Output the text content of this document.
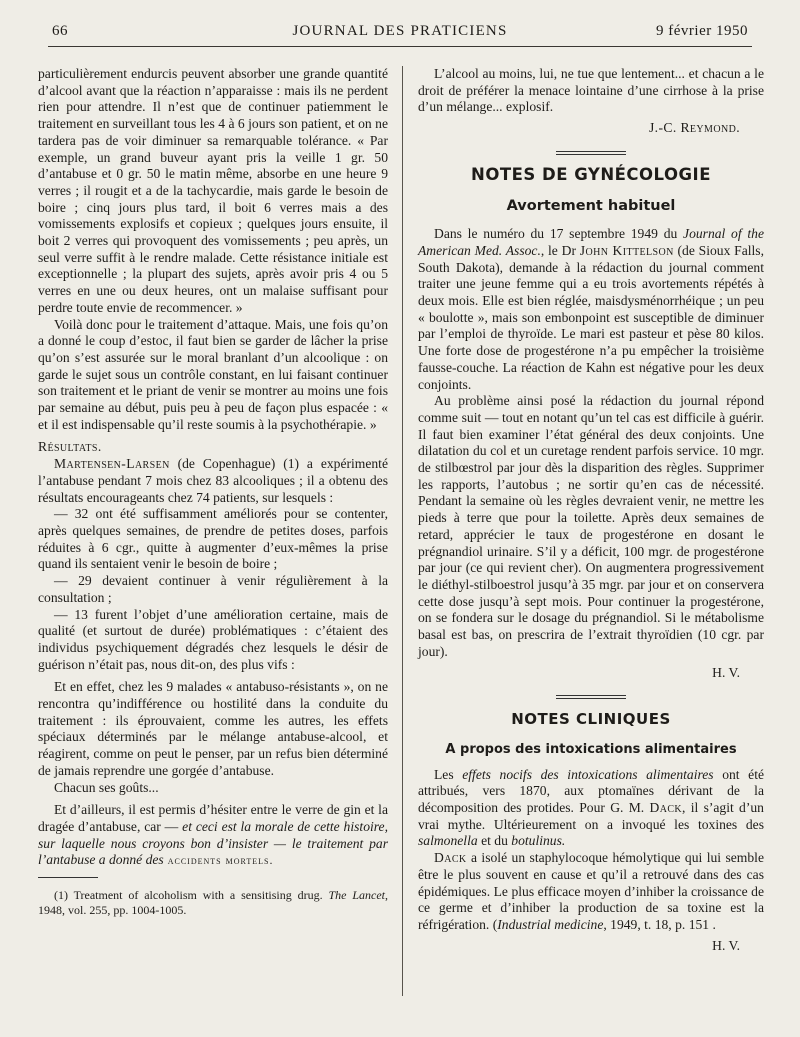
66	JOURNAL DES PRATICIENS	9 février 1950

particulièrement endurcis peuvent absorber une grande quantité d’alcool avant que la réaction n’apparaisse : mais ils ne perdent rien pour attendre. Il n’est que de continuer patiemment le traitement en surveillant tous les 4 à 6 jours son patient, et on ne tardera pas de voir diminuer sa remarquable tolérance. « Par exemple, un grand buveur ayant pris la veille 1 gr. 50 d’antabuse et 0 gr. 50 le matin même, absorbe en une heure 9 verres ; il rougit et a de la tachycardie, mais garde le besoin de boire ; cinq jours plus tard, il boit 6 verres mais a des vomissements explosifs et copieux ; quelques jours ensuite, il boit 2 verres qui provoquent des vomissements ; peu après, un seul verre suffit à le rendre malade. Cette résistance initiale est exceptionnelle ; la plupart des sujets, après avoir pris 4 ou 5 verres en une ou deux heures, ont un malaise suffisant pour perdre toute envie de recommencer. »

Voilà donc pour le traitement d’attaque. Mais, une fois qu’on a donné le coup d’estoc, il faut bien se garder de lâcher la prise qu’on s’est assurée sur le moral branlant d’un alcoolique : on garde le sujet sous un contrôle constant, en lui faisant continuer son traitement et le priant de venir se montrer au moins une fois par semaine au début, puis peu à peu de façon plus espacée : « et il est indispensable qu’il reste soumis à la psychothérapie. »

Résultats.

Martensen-Larsen (de Copenhague) (1) a expérimenté l’antabuse pendant 7 mois chez 83 alcooliques ; il a obtenu des résultats encourageants chez 74 patients, sur lesquels :

— 32 ont été suffisamment améliorés pour se contenter, après quelques semaines, de prendre de petites doses, parfois réduites à 6 cgr., quitte à augmenter d’eux-mêmes la prise quand ils sentaient venir le besoin de boire ;

— 29 devaient continuer à venir régulièrement à la consultation ;

— 13 furent l’objet d’une amélioration certaine, mais de qualité (et surtout de durée) problématiques : c’étaient des individus psychiquement dégradés chez lesquels le désir de guérison n’était pas, nous dit-on, des plus vifs :

Et en effet, chez les 9 malades « antabuso-résistants », on ne rencontra qu’indifférence ou hostilité dans la conduite du traitement : ils éprouvaient, comme les autres, les effets spéciaux déterminés par le mélange antabuse-alcool, et réagirent, comme on peut le penser, par un refus bien déterminé de jamais reprendre une gorgée d’antabuse.

Chacun ses goûts...

Et d’ailleurs, il est permis d’hésiter entre le verre de gin et la dragée d’antabuse, car — et ceci est la morale de cette histoire, sur laquelle nous croyons bon d’insister — le traitement par l’antabuse a donné des accidents mortels.

(1) Treatment of alcoholism with a sensitising drug. The Lancet, 1948, vol. 255, pp. 1004-1005.

L’alcool au moins, lui, ne tue que lentement... et chacun a le droit de préférer la menace lointaine d’une cirrhose à la prise d’un mélange... explosif.

J.-C. Reymond.
NOTES DE GYNÉCOLOGIE
Avortement habituel

Dans le numéro du 17 septembre 1949 du Journal of the American Med. Assoc., le Dr John Kittelson (de Sioux Falls, South Dakota), demande à la rédaction du journal comment traiter une jeune femme qui a eu trois avortements répétés à deux mois. Elle est bien réglée, maisdysménorrhéique ; un peu « boulotte », mais son embonpoint est susceptible de diminuer par l’emploi de thyroïde. Le mari est pasteur et pèse 80 kilos. Une forte dose de progestérone n’a pu empêcher la troisième fausse-couche. La réaction de Kahn est négative pour les deux conjoints.

Au problème ainsi posé la rédaction du journal répond comme suit — tout en notant qu’un tel cas est difficile à guérir. Il faut bien examiner l’état général des deux conjoints. Une dilatation du col et un curetage rendent parfois service. 10 mgr. de stilbœstrol par jour dès la disparition des règles. Supprimer les rapports, l’autobus ; ne sortir qu’en cas de nécessité. Pendant la semaine où les règles devraient venir, ne mettre les pieds à terre que pour la toilette. Après deux semaines de retard, apprécier le taux de progestérone en dosant le prégnandiol urinaire. S’il y a déficit, 100 mgr. de progestérone par jour (ce qui revient cher). On augmentera progressivement le diéthyl-stilboestrol jusqu’à 35 mgr. par jour et on conservera cette dose jusqu’à sept mois. Pour continuer la progestérone, on se fondera sur le dosage du prégnandiol. Si le métabolisme basal est bas, on prescrira de l’extrait thyroïdien (10 cgr. par jour).

H. V.
NOTES CLINIQUES
A propos des intoxications alimentaires

Les effets nocifs des intoxications alimentaires ont été attribués, vers 1870, aux ptomaïnes dérivant de la décomposition des protides. Pour G. M. Dack, il s’agit d’un vrai mythe. Ultérieurement on a invoqué les toxines des salmonella et du botulinus.

Dack a isolé un staphylocoque hémolytique qui lui semble être le plus souvent en cause et qu’il a retrouvé dans des cas épidémiques. Le plus efficace moyen d’inhiber la croissance de ce germe et d’inhiber la production de sa toxine est la réfrigération. (Industrial medicine, 1949, t. 18, p. 151 .

H. V.
